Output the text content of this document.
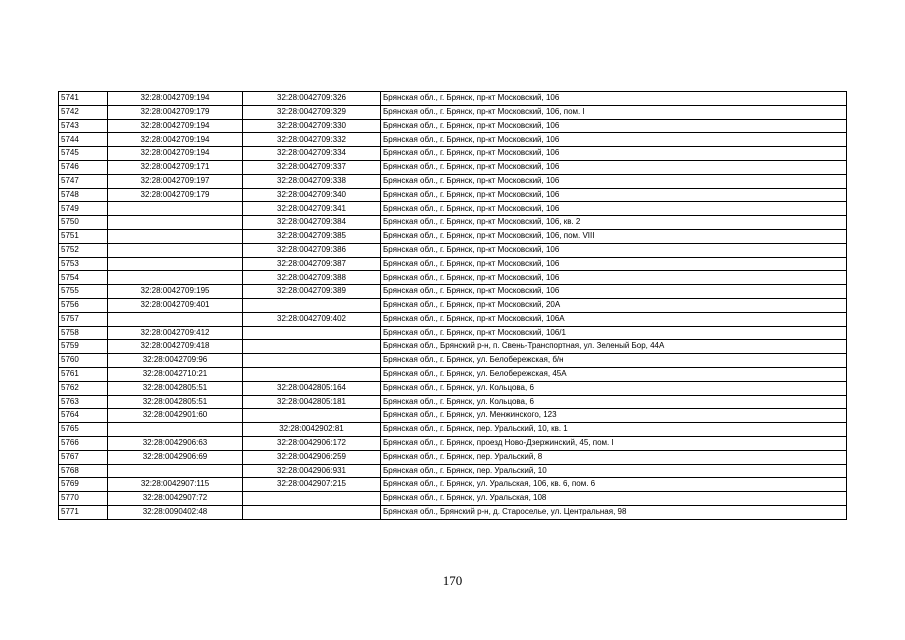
5741	32:28:0042709:194	32:28:0042709:326	Брянская обл., г. Брянск, пр-кт Московский, 106
5742	32:28:0042709:179	32:28:0042709:329	Брянская обл., г. Брянск, пр-кт Московский, 106, пом. I
5743	32:28:0042709:194	32:28:0042709:330	Брянская обл., г. Брянск, пр-кт Московский, 106
5744	32:28:0042709:194	32:28:0042709:332	Брянская обл., г. Брянск, пр-кт Московский, 106
5745	32:28:0042709:194	32:28:0042709:334	Брянская обл., г. Брянск, пр-кт Московский, 106
5746	32:28:0042709:171	32:28:0042709:337	Брянская обл., г. Брянск, пр-кт Московский, 106
5747	32:28:0042709:197	32:28:0042709:338	Брянская обл., г. Брянск, пр-кт Московский, 106
5748	32:28:0042709:179	32:28:0042709:340	Брянская обл., г. Брянск, пр-кт Московский, 106
5749		32:28:0042709:341	Брянская обл., г. Брянск, пр-кт Московский, 106
5750		32:28:0042709:384	Брянская обл., г. Брянск, пр-кт Московский, 106, кв. 2
5751		32:28:0042709:385	Брянская обл., г. Брянск, пр-кт Московский, 106, пом. VIII
5752		32:28:0042709:386	Брянская обл., г. Брянск, пр-кт Московский, 106
5753		32:28:0042709:387	Брянская обл., г. Брянск, пр-кт Московский, 106
5754		32:28:0042709:388	Брянская обл., г. Брянск, пр-кт Московский, 106
5755	32:28:0042709:195	32:28:0042709:389	Брянская обл., г. Брянск, пр-кт Московский, 106
5756	32:28:0042709:401		Брянская обл., г. Брянск, пр-кт Московский, 20А
5757		32:28:0042709:402	Брянская обл., г. Брянск, пр-кт Московский, 106А
5758	32:28:0042709:412		Брянская обл., г. Брянск, пр-кт Московский, 106/1
5759	32:28:0042709:418		Брянская обл., Брянский р-н, п. Свень-Транспортная, ул. Зеленый Бор, 44А
5760	32:28:0042709:96		Брянская обл., г. Брянск, ул. Белобережская, б/н
5761	32:28:0042710:21		Брянская обл., г. Брянск, ул. Белобережская, 45А
5762	32:28:0042805:51	32:28:0042805:164	Брянская обл., г. Брянск, ул. Кольцова, 6
5763	32:28:0042805:51	32:28:0042805:181	Брянская обл., г. Брянск, ул. Кольцова, 6
5764	32:28:0042901:60		Брянская обл., г. Брянск, ул. Менжинского, 123
5765		32:28:0042902:81	Брянская обл., г. Брянск, пер. Уральский, 10, кв. 1
5766	32:28:0042906:63	32:28:0042906:172	Брянская обл., г. Брянск, проезд Ново-Дзержинский, 45, пом. I
5767	32:28:0042906:69	32:28:0042906:259	Брянская обл., г. Брянск, пер. Уральский, 8
5768		32:28:0042906:931	Брянская обл., г. Брянск, пер. Уральский, 10
5769	32:28:0042907:115	32:28:0042907:215	Брянская обл., г. Брянск, ул. Уральская, 106, кв. 6, пом. 6
5770	32:28:0042907:72		Брянская обл., г. Брянск, ул. Уральская, 108
5771	32:28:0090402:48		Брянская обл., Брянский р-н, д. Староселье, ул. Центральная, 98
170
